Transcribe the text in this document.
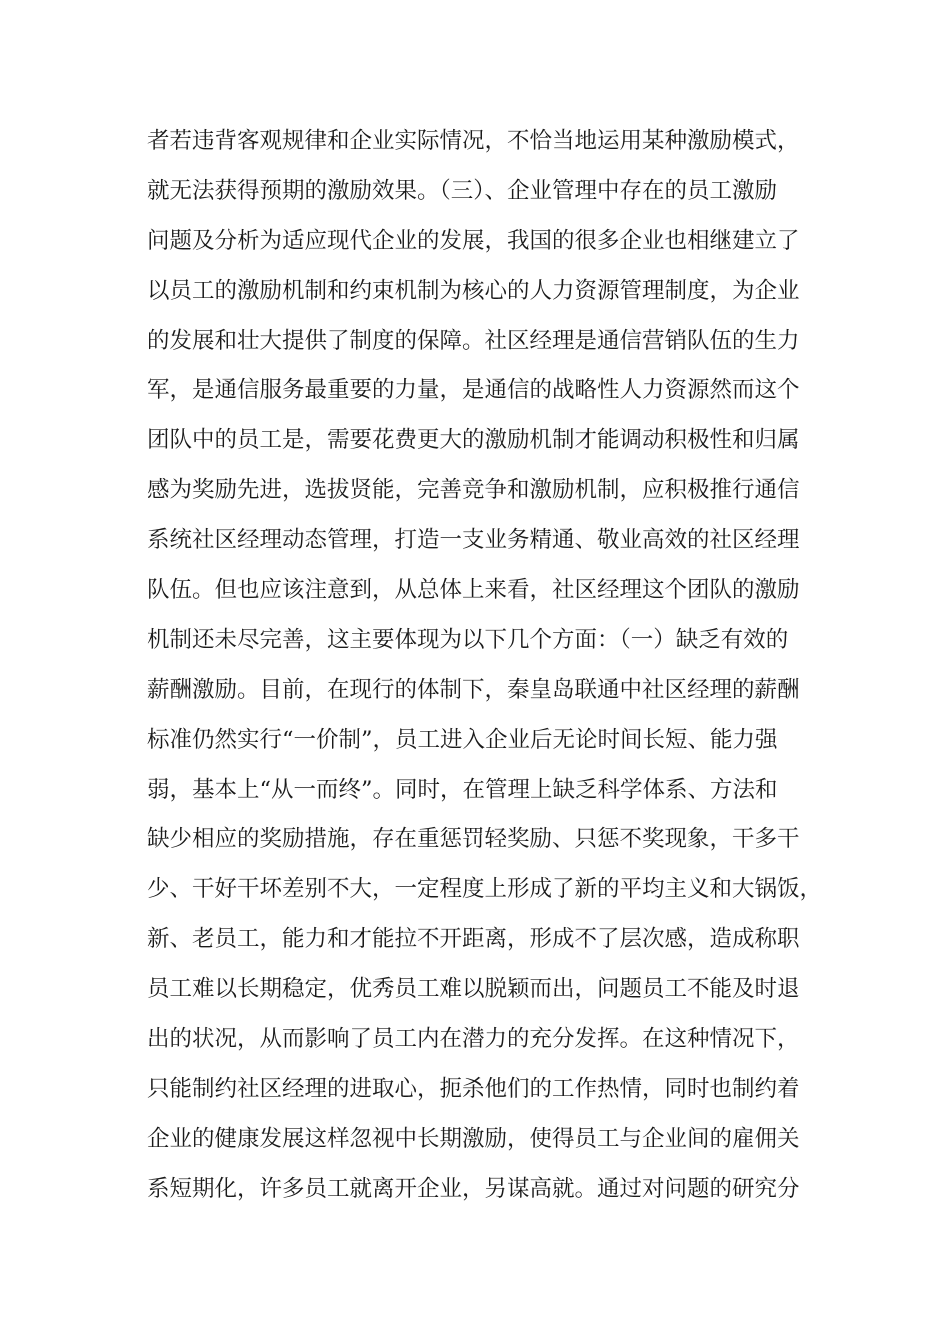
者若违背客观规律和企业实际情况，不恰当地运用某种激励模式，
就无法获得预期的激励效果。（三）、企业管理中存在的员工激励
问题及分析为适应现代企业的发展，我国的很多企业也相继建立了
以员工的激励机制和约束机制为核心的人力资源管理制度，为企业
的发展和壮大提供了制度的保障。社区经理是通信营销队伍的生力
军，是通信服务最重要的力量，是通信的战略性人力资源然而这个
团队中的员工是，需要花费更大的激励机制才能调动积极性和归属
感为奖励先进，选拔贤能，完善竞争和激励机制，应积极推行通信
系统社区经理动态管理，打造一支业务精通、敬业高效的社区经理
队伍。但也应该注意到，从总体上来看，社区经理这个团队的激励
机制还未尽完善，这主要体现为以下几个方面：（一）缺乏有效的
薪酬激励。目前，在现行的体制下，秦皇岛联通中社区经理的薪酬
标准仍然实行“一价制”，员工进入企业后无论时间长短、能力强
弱，基本上“从一而终”。同时，在管理上缺乏科学体系、方法和
缺少相应的奖励措施，存在重惩罚轻奖励、只惩不奖现象，干多干
少、干好干坏差别不大，一定程度上形成了新的平均主义和大锅饭，
新、老员工，能力和才能拉不开距离，形成不了层次感，造成称职
员工难以长期稳定，优秀员工难以脱颖而出，问题员工不能及时退
出的状况，从而影响了员工内在潜力的充分发挥。在这种情况下，
只能制约社区经理的进取心，扼杀他们的工作热情，同时也制约着
企业的健康发展这样忽视中长期激励，使得员工与企业间的雇佣关
系短期化，许多员工就离开企业，另谋高就。通过对问题的研究分
